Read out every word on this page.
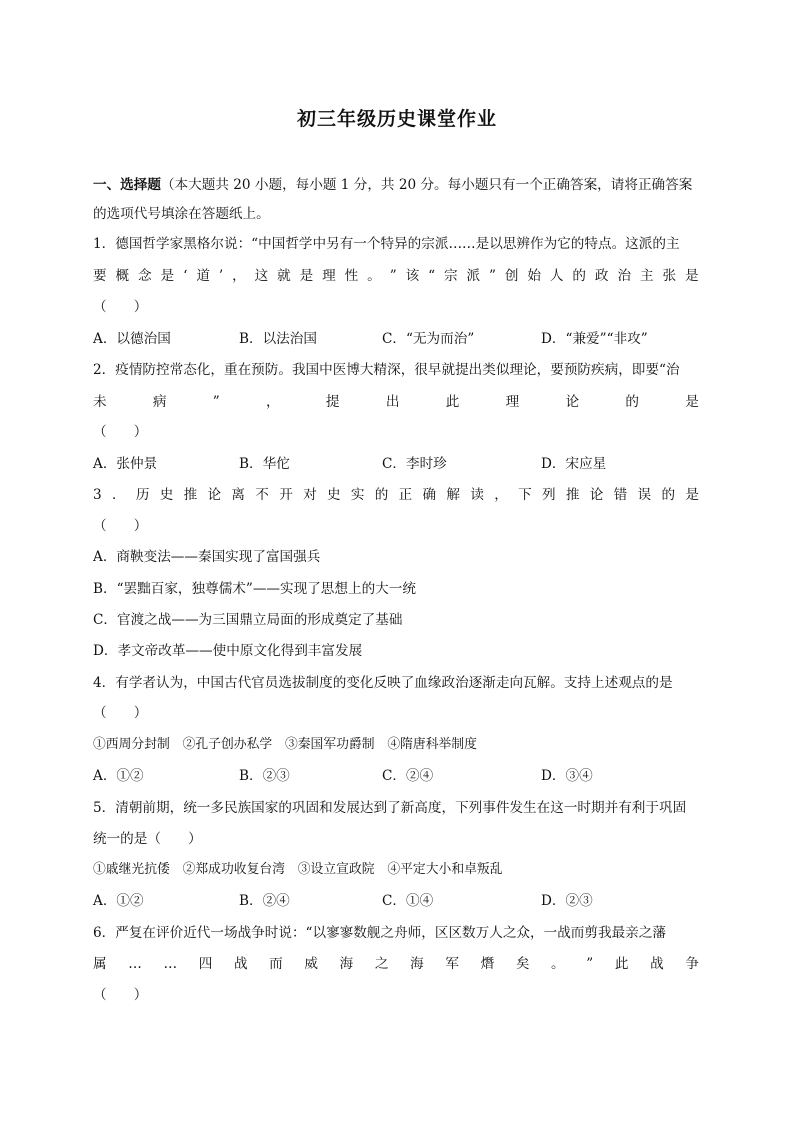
初三年级历史课堂作业
一、选择题（本大题共 20 小题，每小题 1 分，共 20 分。每小题只有一个正确答案，请将正确答案
的选项代号填涂在答题纸上。
1．德国哲学家黑格尔说：“中国哲学中另有一个特异的宗派……是以思辨作为它的特点。这派的主
要 概 念 是 ‘ 道 ’ ， 这 就 是 理 性 。 ” 该 “ 宗 派 ” 创 始 人 的 政 治 主 张 是
（　　）
A．以德治国	B．以法治国	C．“无为而治”	D．“兼爱”“非攻”
2．疫情防控常态化，重在预防。我国中医博大精深，很早就提出类似理论，要预防疾病，即要“治
未	病	”	，	提	出	此	理	论	的	是
（　　）
A．张仲景	B．华佗	C．李时珍	D．宋应星
3 ． 历 史 推 论 离 不 开 对 史 实 的 正 确 解 读 ， 下 列 推 论 错 误 的 是
（　　）
A．商鞅变法——秦国实现了富国强兵
B．“罢黜百家，独尊儒术”——实现了思想上的大一统
C．官渡之战——为三国鼎立局面的形成奠定了基础
D．孝文帝改革——使中原文化得到丰富发展
4．有学者认为，中国古代官员选拔制度的变化反映了血缘政治逐渐走向瓦解。支持上述观点的是
（　　）
①西周分封制　②孔子创办私学　③秦国军功爵制　④隋唐科举制度
A．①②	B．②③	C．②④	D．③④
5．清朝前期，统一多民族国家的巩固和发展达到了新高度，下列事件发生在这一时期并有利于巩固
统一的是（　　）
①戚继光抗倭　②郑成功收复台湾　③设立宣政院　④平定大小和卓叛乱
A．①②	B．②④	C．①④	D．②③
6．严复在评价近代一场战争时说：“以寥寥数舰之舟师，区区数万人之众，一战而剪我最亲之藩
属 … … 四 战 而 威 海 之 海 军 熸 矣 。 ” 此 战 争
（　　）
